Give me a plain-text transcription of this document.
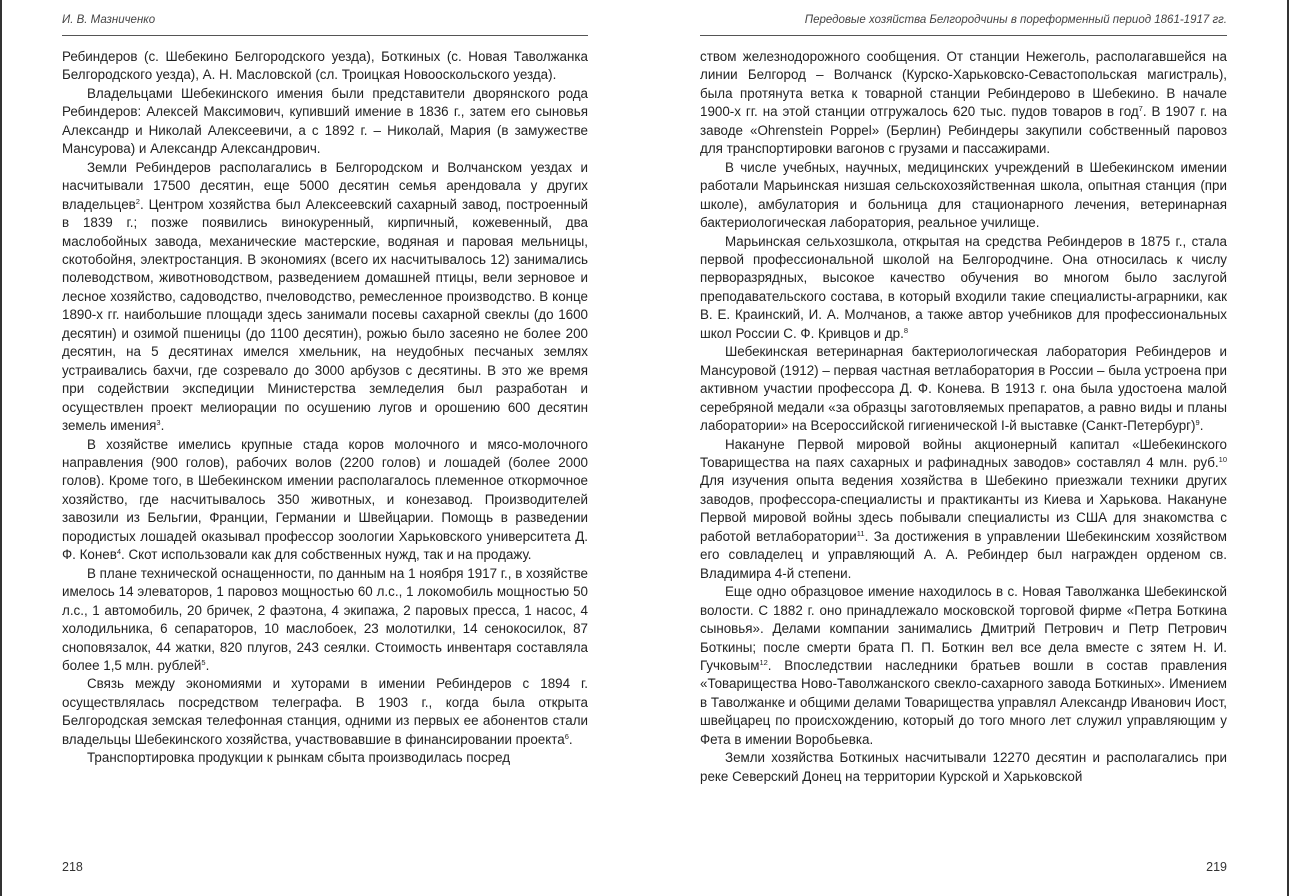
И. В. Мазниченко

Ребиндеров (с. Шебекино Белгородского уезда), Боткиных (с. Новая Таволжанка Белгородского уезда), А. Н. Масловской (сл. Троицкая Новооскольского уезда).

Владельцами Шебекинского имения были представители дворянского рода Ребиндеров: Алексей Максимович, купивший имение в 1836 г., затем его сыновья Александр и Николай Алексеевичи, а с 1892 г. – Николай, Мария (в замужестве Мансурова) и Александр Александрович.

Земли Ребиндеров располагались в Белгородском и Волчанском уездах и насчитывали 17500 десятин, еще 5000 десятин семья арендовала у других владельцев$^2$. Центром хозяйства был Алексеевский сахарный завод, построенный в 1839 г.; позже появились винокуренный, кирпичный, кожевенный, два маслобойных завода, механические мастерские, водяная и паровая мельницы, скотобойня, электростанция. В экономиях (всего их насчитывалось 12) занимались полеводством, животноводством, разведением домашней птицы, вели зерновое и лесное хозяйство, садоводство, пчеловодство, ремесленное производство. В конце 1890-х гг. наибольшие площади здесь занимали посевы сахарной свеклы (до 1600 десятин) и озимой пшеницы (до 1100 десятин), рожью было засеяно не более 200 десятин, на 5 десятинах имелся хмельник, на неудобных песчаных землях устраивались бахчи, где созревало до 3000 арбузов с десятины. В это же время при содействии экспедиции Министерства земледелия был разработан и осуществлен проект мелиорации по осушению лугов и орошению 600 десятин земель имения$^3$.

В хозяйстве имелись крупные стада коров молочного и мясо-молочного направления (900 голов), рабочих волов (2200 голов) и лошадей (более 2000 голов). Кроме того, в Шебекинском имении располагалось племенное откормочное хозяйство, где насчитывалось 350 животных, и конезавод. Производителей завозили из Бельгии, Франции, Германии и Швейцарии. Помощь в разведении породистых лошадей оказывал профессор зоологии Харьковского университета Д. Ф. Конев$^4$. Скот использовали как для собственных нужд, так и на продажу.

В плане технической оснащенности, по данным на 1 ноября 1917 г., в хозяйстве имелось 14 элеваторов, 1 паровоз мощностью 60 л.с., 1 локомобиль мощностью 50 л.с., 1 автомобиль, 20 бричек, 2 фаэтона, 4 экипажа, 2 паровых пресса, 1 насос, 4 холодильника, 6 сепараторов, 10 маслобоек, 23 молотилки, 14 сенокосилок, 87 сноповязалок, 44 жатки, 820 плугов, 243 сеялки. Стоимость инвентаря составляла более 1,5 млн. рублей$^5$.

Связь между экономиями и хуторами в имении Ребиндеров с 1894 г. осуществлялась посредством телеграфа. В 1903 г., когда была открыта Белгородская земская телефонная станция, одними из первых ее абонентов стали владельцы Шебекинского хозяйства, участвовавшие в финансировании проекта$^6$.

Транспортировка продукции к рынкам сбыта производилась посред

218
Передовые хозяйства Белгородчины в пореформенный период 1861-1917 гг.

ством железнодорожного сообщения. От станции Нежеголь, располагавшейся на линии Белгород – Волчанск (Курско-Харьковско-Севастопольская магистраль), была протянута ветка к товарной станции Ребиндерово в Шебекино. В начале 1900-х гг. на этой станции отгружалось 620 тыс. пудов товаров в год$^7$. В 1907 г. на заводе «Ohrenstein Poppel» (Берлин) Ребиндеры закупили собственный паровоз для транспортировки вагонов с грузами и пассажирами.

В числе учебных, научных, медицинских учреждений в Шебекинском имении работали Марьинская низшая сельскохозяйственная школа, опытная станция (при школе), амбулатория и больница для стационарного лечения, ветеринарная бактериологическая лаборатория, реальное училище.

Марьинская сельхозшкола, открытая на средства Ребиндеров в 1875 г., стала первой профессиональной школой на Белгородчине. Она относилась к числу перворазрядных, высокое качество обучения во многом было заслугой преподавательского состава, в который входили такие специалисты-аграрники, как В. Е. Краинский, И. А. Молчанов, а также автор учебников для профессиональных школ России С. Ф. Кривцов и др.$^8$

Шебекинская ветеринарная бактериологическая лаборатория Ребиндеров и Мансуровой (1912) – первая частная ветлаборатория в России – была устроена при активном участии профессора Д. Ф. Конева. В 1913 г. она была удостоена малой серебряной медали «за образцы заготовляемых препаратов, а равно виды и планы лаборатории» на Всероссийской гигиенической I-й выставке (Санкт-Петербург)$^9$.

Накануне Первой мировой войны акционерный капитал «Шебекинского Товарищества на паях сахарных и рафинадных заводов» составлял 4 млн. руб.$^{10}$ Для изучения опыта ведения хозяйства в Шебекино приезжали техники других заводов, профессора-специалисты и практиканты из Киева и Харькова. Накануне Первой мировой войны здесь побывали специалисты из США для знакомства с работой ветлаборатории$^{11}$. За достижения в управлении Шебекинским хозяйством его совладелец и управляющий А. А. Ребиндер был награжден орденом св. Владимира 4-й степени.

Еще одно образцовое имение находилось в с. Новая Таволжанка Шебекинской волости. С 1882 г. оно принадлежало московской торговой фирме «Петра Боткина сыновья». Делами компании занимались Дмитрий Петрович и Петр Петрович Боткины; после смерти брата П. П. Боткин вел все дела вместе с зятем Н. И. Гучковым$^{12}$. Впоследствии наследники братьев вошли в состав правления «Товарищества Ново-Таволжанского свекло-сахарного завода Боткиных». Имением в Таволжанке и общими делами Товарищества управлял Александр Иванович Иост, швейцарец по происхождению, который до того много лет служил управляющим у Фета в имении Воробьевка.

Земли хозяйства Боткиных насчитывали 12270 десятин и располагались при реке Северский Донец на территории Курской и Харьковской

219
